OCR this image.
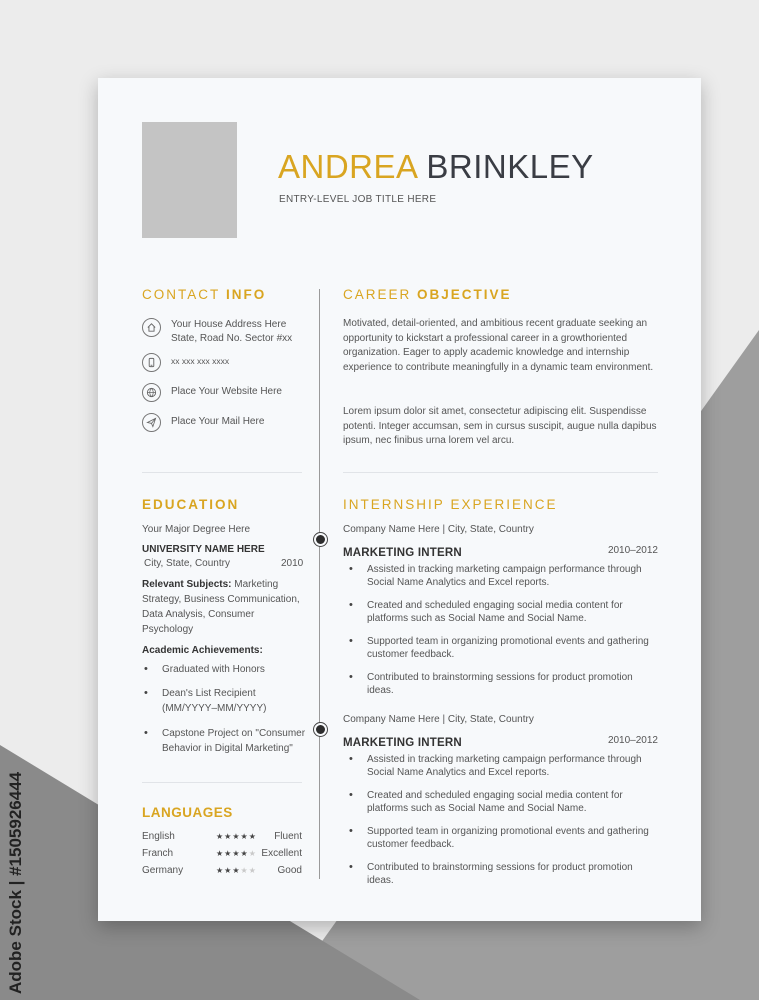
Adobe Stock | #1505926444
ANDREA BRINKLEY
ENTRY-LEVEL JOB TITLE HERE
CONTACT INFO
Your House Address Here
State, Road No. Sector #xx
xx xxx xxx xxxx
Place Your Website Here
Place Your Mail Here
EDUCATION
Your Major Degree Here
UNIVERSITY NAME HERE
City, State, Country	2010
Relevant Subjects: Marketing Strategy, Business Communication, Data Analysis, Consumer Psychology
Academic Achievements:
• Graduated with Honors
• Dean's List Recipient (MM/YYYY–MM/YYYY)
• Capstone Project on "Consumer Behavior in Digital Marketing"
LANGUAGES
English	★★★★★ Fluent
Franch	★★★★★ Excellent
Germany	★★★★★ Good
CAREER OBJECTIVE
Motivated, detail-oriented, and ambitious recent graduate seeking an opportunity to kickstart a professional career in a growthoriented organization. Eager to apply academic knowledge and internship experience to contribute meaningfully in a dynamic team environment.
Lorem ipsum dolor sit amet, consectetur adipiscing elit. Suspendisse potenti. Integer accumsan, sem in cursus suscipit, augue nulla dapibus ipsum, nec finibus urna lorem vel arcu.
INTERNSHIP EXPERIENCE
Company Name Here | City, State, Country
MARKETING INTERN	2010–2012
• Assisted in tracking marketing campaign performance through Social Name Analytics and Excel reports.
• Created and scheduled engaging social media content for platforms such as Social Name and Social Name.
• Supported team in organizing promotional events and gathering customer feedback.
• Contributed to brainstorming sessions for product promotion ideas.
Company Name Here | City, State, Country
MARKETING INTERN	2010–2012
• Assisted in tracking marketing campaign performance through Social Name Analytics and Excel reports.
• Created and scheduled engaging social media content for platforms such as Social Name and Social Name.
• Supported team in organizing promotional events and gathering customer feedback.
• Contributed to brainstorming sessions for product promotion ideas.
